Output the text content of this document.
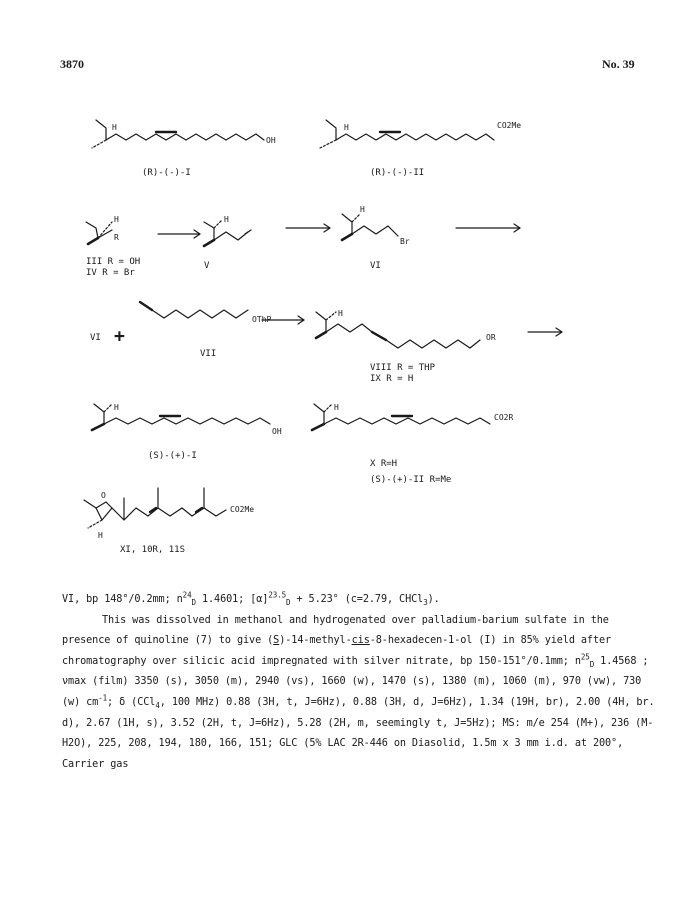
3870	No. 39
H
OH
(R)-(-)-I
H	CO2Me
(R)-(-)-II
H
R
III R = OH
IV R = Br
H
V
H
Br
VI
VI +
OThP
VII
H
OR
VIII R = THP
IX R = H
H
OH
(S)-(+)-I
H
CO2R
X R=H
(S)-(+)-II R=Me
O
H
CO2Me
XI, 10R, 11S

VI, bp 148°/0.2mm; $n^{24}_D$ 1.4601; $[\alpha]^{23.5}_D + 5.23^\circ$ (c=2.79, CHCl$_3$).

This was dissolved in methanol and hydrogenated over palladium-barium sulfate in the presence of quinoline (7) to give (S)-14-methyl-cis-8-hexadecen-1-ol (I) in 85% yield after chromatography over silicic acid impregnated with silver nitrate, bp 150-151°/0.1mm; $n^{25}_D$ 1.4568 ; νmax (film) 3350 (s), 3050 (m), 2940 (vs), 1660 (w), 1470 (s), 1380 (m), 1060 (m), 970 (vw), 730 (w) $cm^{-1}$; δ (CCl$_4$, 100 MHz) 0.88 (3H, t, J=6Hz), 0.88 (3H, d, J=6Hz), 1.34 (19H, br), 2.00 (4H, br. d), 2.67 (1H, s), 3.52 (2H, t, J=6Hz), 5.28 (2H, m, seemingly t, J=5Hz); MS: m/e 254 (M+), 236 (M-H2O), 225, 208, 194, 180, 166, 151; GLC (5% LAC 2R-446 on Diasolid, 1.5m x 3 mm i.d. at 200°, Carrier gas
